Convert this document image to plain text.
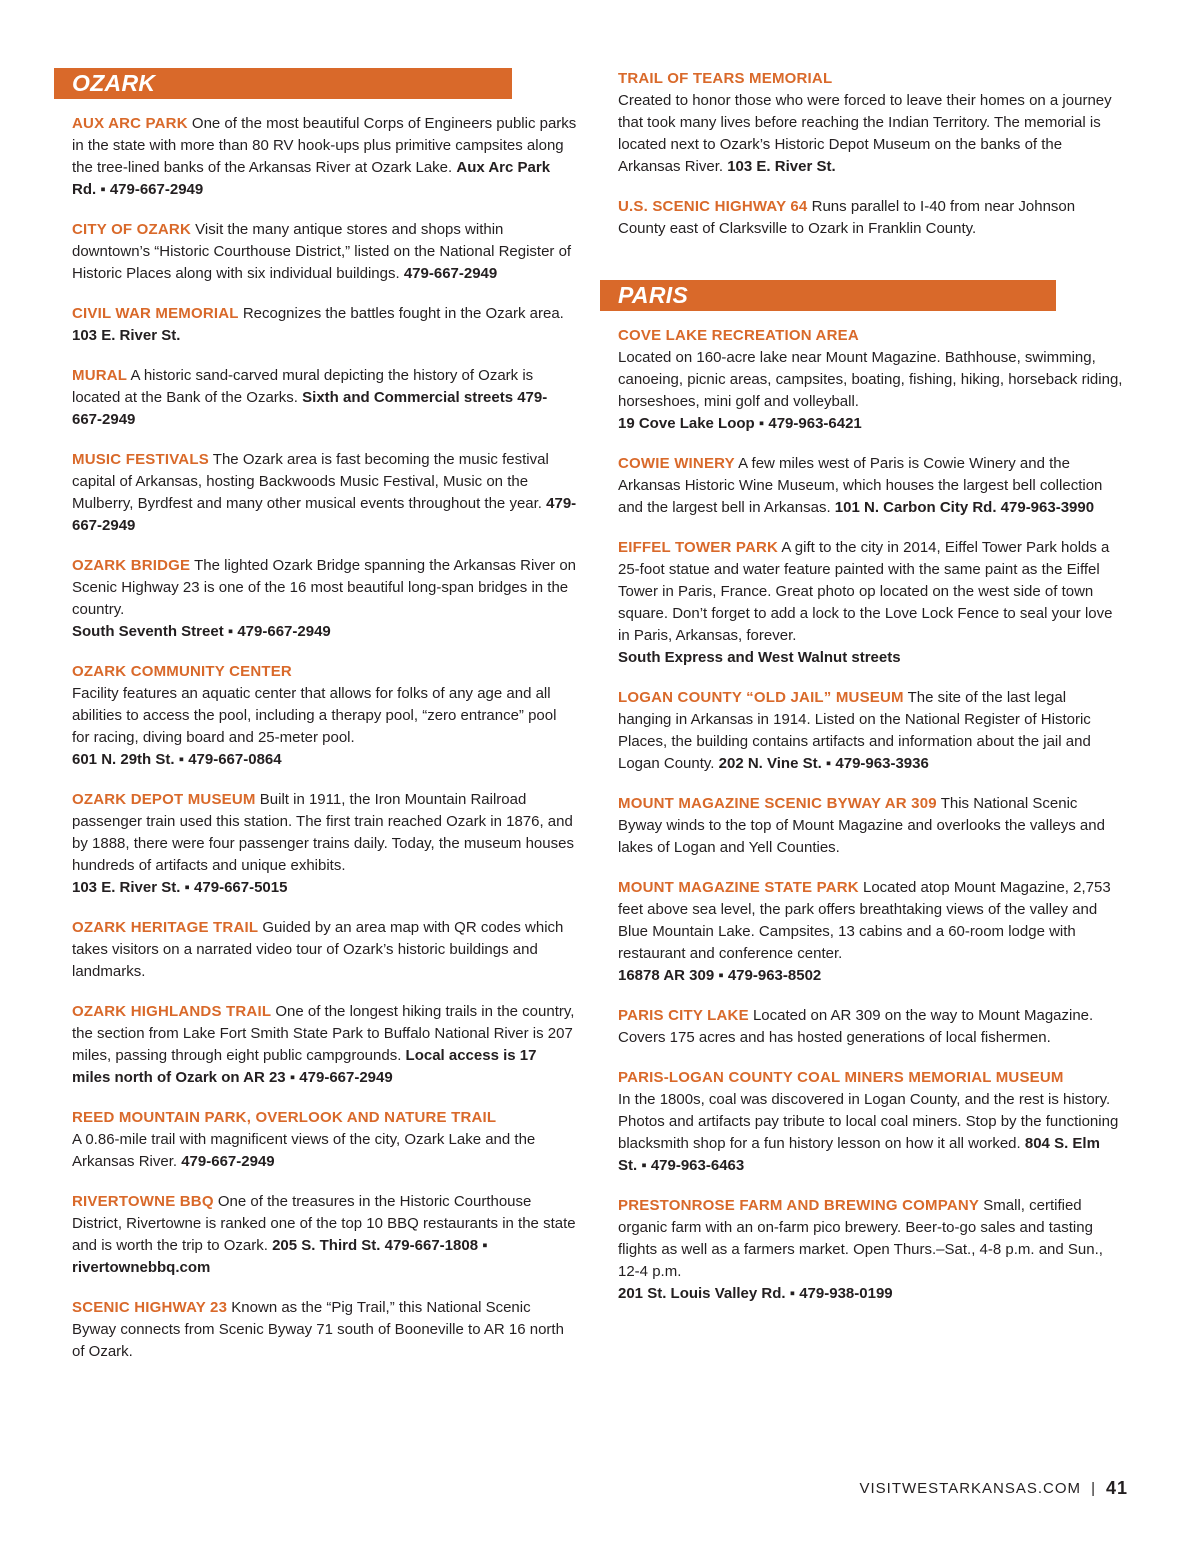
OZARK
AUX ARC PARK One of the most beautiful Corps of Engineers public parks in the state with more than 80 RV hook-ups plus primitive campsites along the tree-lined banks of the Arkansas River at Ozark Lake. Aux Arc Park Rd. ▪ 479-667-2949
CITY OF OZARK Visit the many antique stores and shops within downtown’s “Historic Courthouse District,” listed on the National Register of Historic Places along with six individual buildings. 479-667-2949
CIVIL WAR MEMORIAL Recognizes the battles fought in the Ozark area. 103 E. River St.
MURAL A historic sand-carved mural depicting the history of Ozark is located at the Bank of the Ozarks. Sixth and Commercial streets 479-667-2949
MUSIC FESTIVALS The Ozark area is fast becoming the music festival capital of Arkansas, hosting Backwoods Music Festival, Music on the Mulberry, Byrdfest and many other musical events throughout the year. 479-667-2949
OZARK BRIDGE The lighted Ozark Bridge spanning the Arkansas River on Scenic Highway 23 is one of the 16 most beautiful long-span bridges in the country.
South Seventh Street ▪ 479-667-2949
OZARK COMMUNITY CENTER
Facility features an aquatic center that allows for folks of any age and all abilities to access the pool, including a therapy pool, “zero entrance” pool for racing, diving board and 25-meter pool.
601 N. 29th St. ▪ 479-667-0864
OZARK DEPOT MUSEUM Built in 1911, the Iron Mountain Railroad passenger train used this station. The first train reached Ozark in 1876, and by 1888, there were four passenger trains daily. Today, the museum houses hundreds of artifacts and unique exhibits.
103 E. River St. ▪ 479-667-5015
OZARK HERITAGE TRAIL Guided by an area map with QR codes which takes visitors on a narrated video tour of Ozark’s historic buildings and landmarks.
OZARK HIGHLANDS TRAIL One of the longest hiking trails in the country, the section from Lake Fort Smith State Park to Buffalo National River is 207 miles, passing through eight public campgrounds. Local access is 17 miles north of Ozark on AR 23 ▪ 479-667-2949
REED MOUNTAIN PARK, OVERLOOK AND NATURE TRAIL
A 0.86-mile trail with magnificent views of the city, Ozark Lake and the Arkansas River. 479-667-2949
RIVERTOWNE BBQ One of the treasures in the Historic Courthouse District, Rivertowne is ranked one of the top 10 BBQ restaurants in the state and is worth the trip to Ozark. 205 S. Third St. 479-667-1808 ▪ rivertownebbq.com
SCENIC HIGHWAY 23 Known as the “Pig Trail,” this National Scenic Byway connects from Scenic Byway 71 south of Booneville to AR 16 north of Ozark.
TRAIL OF TEARS MEMORIAL
Created to honor those who were forced to leave their homes on a journey that took many lives before reaching the Indian Territory. The memorial is located next to Ozark’s Historic Depot Museum on the banks of the Arkansas River. 103 E. River St.
U.S. SCENIC HIGHWAY 64 Runs parallel to I-40 from near Johnson County east of Clarksville to Ozark in Franklin County.
PARIS
COVE LAKE RECREATION AREA
Located on 160-acre lake near Mount Magazine. Bathhouse, swimming, canoeing, picnic areas, campsites, boating, fishing, hiking, horseback riding, horseshoes, mini golf and volleyball.
19 Cove Lake Loop ▪ 479-963-6421
COWIE WINERY A few miles west of Paris is Cowie Winery and the Arkansas Historic Wine Museum, which houses the largest bell collection and the largest bell in Arkansas. 101 N. Carbon City Rd. 479-963-3990
EIFFEL TOWER PARK A gift to the city in 2014, Eiffel Tower Park holds a 25-foot statue and water feature painted with the same paint as the Eiffel Tower in Paris, France. Great photo op located on the west side of town square. Don’t forget to add a lock to the Love Lock Fence to seal your love in Paris, Arkansas, forever.
South Express and West Walnut streets
LOGAN COUNTY “OLD JAIL” MUSEUM The site of the last legal hanging in Arkansas in 1914. Listed on the National Register of Historic Places, the building contains artifacts and information about the jail and Logan County. 202 N. Vine St. ▪ 479-963-3936
MOUNT MAGAZINE SCENIC BYWAY AR 309 This National Scenic Byway winds to the top of Mount Magazine and overlooks the valleys and lakes of Logan and Yell Counties.
MOUNT MAGAZINE STATE PARK Located atop Mount Magazine, 2,753 feet above sea level, the park offers breathtaking views of the valley and Blue Mountain Lake. Campsites, 13 cabins and a 60-room lodge with restaurant and conference center.
16878 AR 309 ▪ 479-963-8502
PARIS CITY LAKE Located on AR 309 on the way to Mount Magazine. Covers 175 acres and has hosted generations of local fishermen.
PARIS-LOGAN COUNTY COAL MINERS MEMORIAL MUSEUM
In the 1800s, coal was discovered in Logan County, and the rest is history. Photos and artifacts pay tribute to local coal miners. Stop by the functioning blacksmith shop for a fun history lesson on how it all worked. 804 S. Elm St. ▪ 479-963-6463
PRESTONROSE FARM AND BREWING COMPANY Small, certified organic farm with an on-farm pico brewery. Beer-to-go sales and tasting flights as well as a farmers market. Open Thurs.–Sat., 4-8 p.m. and Sun., 12-4 p.m.
201 St. Louis Valley Rd. ▪ 479-938-0199
VISITWESTARKANSAS.COM | 41
